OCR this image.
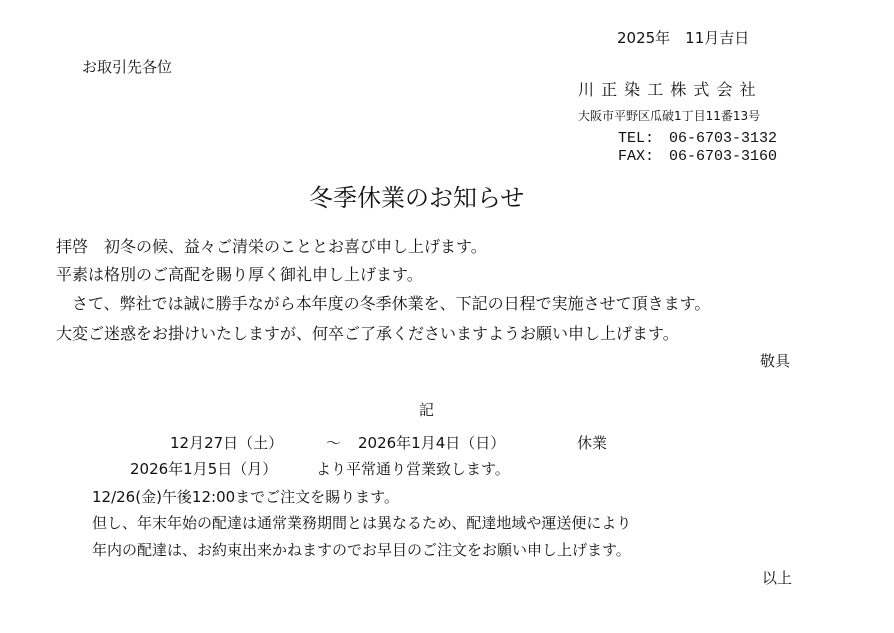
2025年　11月吉日
お取引先各位
川 正 染 工 株 式 会 社
大阪市平野区瓜破1丁目11番13号
TEL:　06-6703-3132
FAX:　06-6703-3160
冬季休業のお知らせ
拝啓　初冬の候、益々ご清栄のこととお喜び申し上げます。
平素は格別のご高配を賜り厚く御礼申し上げます。
　さて、弊社では誠に勝手ながら本年度の冬季休業を、下記の日程で実施させて頂きます。
大変ご迷惑をお掛けいたしますが、何卒ご了承くださいますようお願い申し上げます。
敬具
記
12月27日（土）	～ 2026年1月4日（日）	休業
2026年1月5日（月）	より平常通り営業致します。
12/26(金)午後12:00までご注文を賜ります。
但し、年末年始の配達は通常業務期間とは異なるため、配達地域や運送便により
年内の配達は、お約束出来かねますのでお早目のご注文をお願い申し上げます。
以上
